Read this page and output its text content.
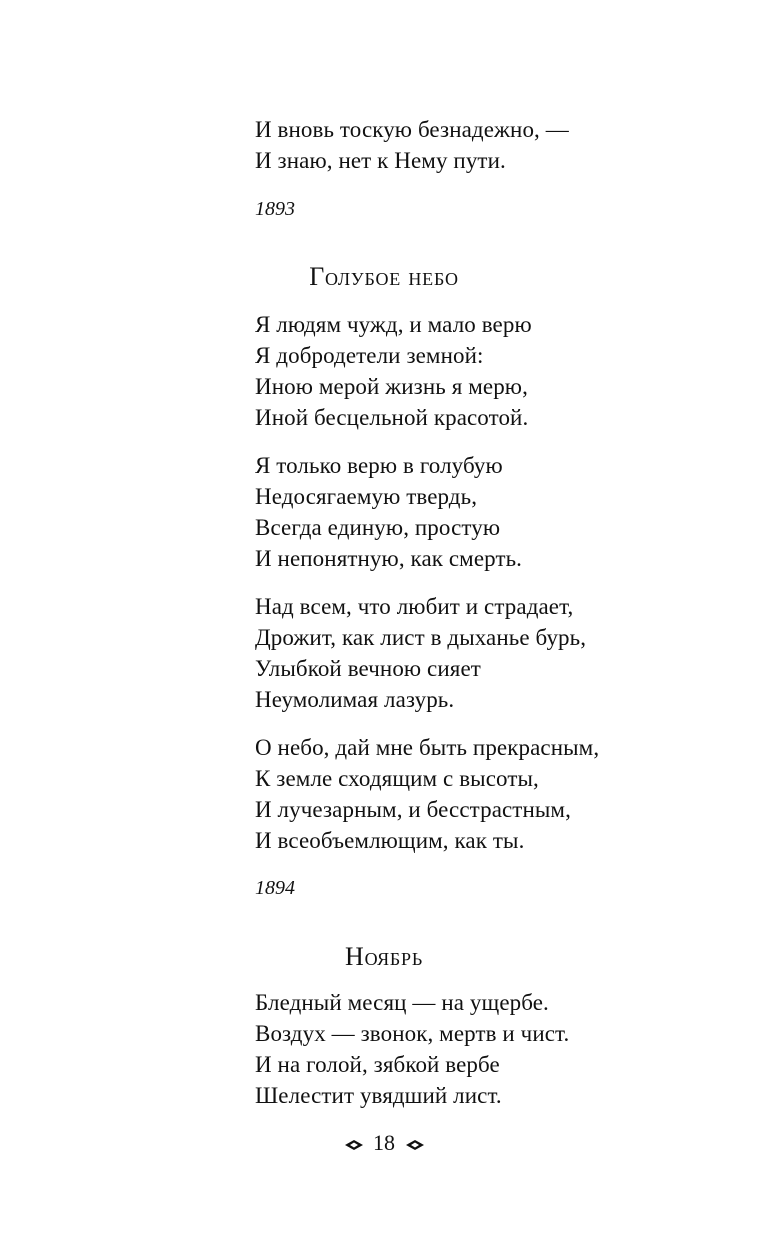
И вновь тоскую безнадежно, —
И знаю, нет к Нему пути.
1893
Голубое небо
Я людям чужд, и мало верю
Я добродетели земной:
Иною мерой жизнь я мерю,
Иной бесцельной красотой.
Я только верю в голубую
Недосягаемую твердь,
Всегда единую, простую
И непонятную, как смерть.
Над всем, что любит и страдает,
Дрожит, как лист в дыханье бурь,
Улыбкой вечною сияет
Неумолимая лазурь.
О небо, дай мне быть прекрасным,
К земле сходящим с высоты,
И лучезарным, и бесстрастным,
И всеобъемлющим, как ты.
1894
Ноябрь
Бледный месяц — на ущербе.
Воздух — звонок, мертв и чист.
И на голой, зябкой вербе
Шелестит увядший лист.
18
